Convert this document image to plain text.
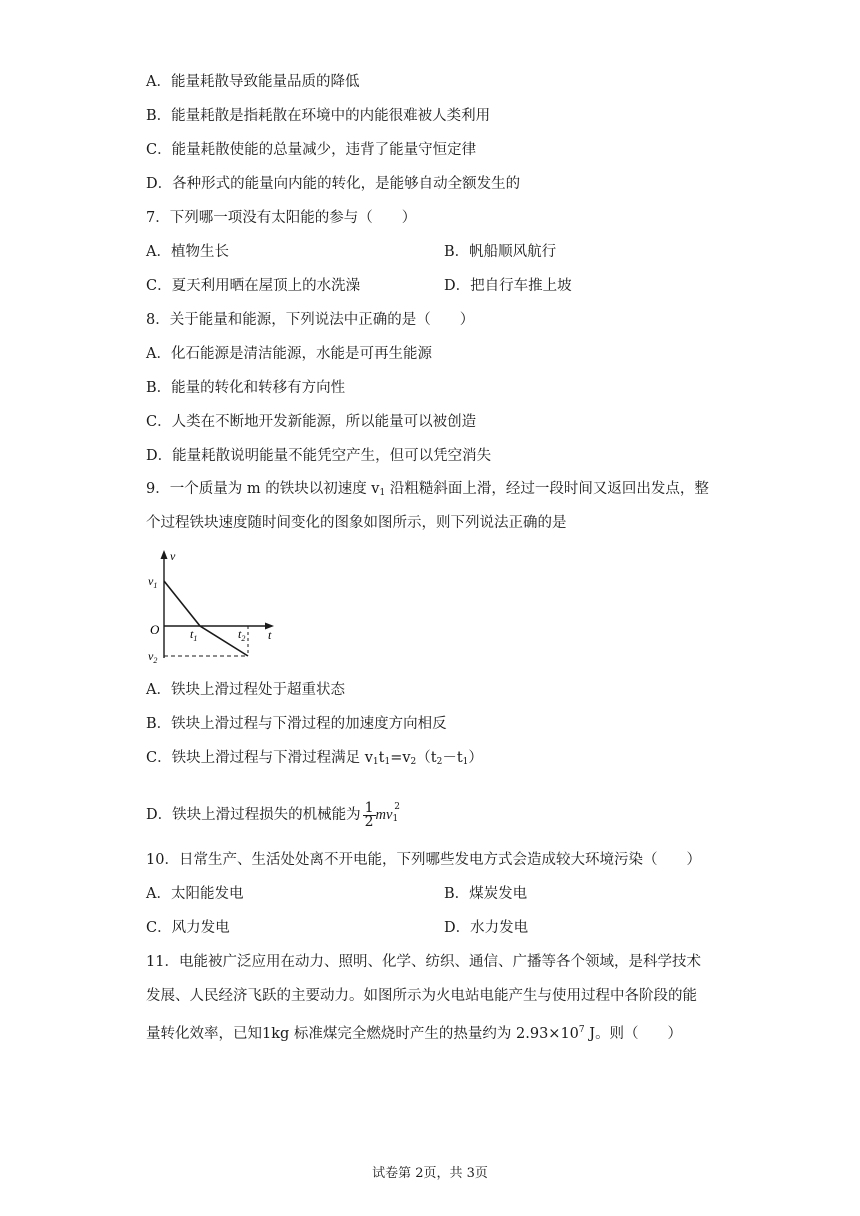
A．能量耗散导致能量品质的降低
B．能量耗散是指耗散在环境中的内能很难被人类利用
C．能量耗散使能的总量减少，违背了能量守恒定律
D．各种形式的能量向内能的转化，是能够自动全额发生的
7．下列哪一项没有太阳能的参与（　　）
A．植物生长	B．帆船顺风航行
C．夏天利用晒在屋顶上的水洗澡	D．把自行车推上坡
8．关于能量和能源，下列说法中正确的是（　　）
A．化石能源是清洁能源，水能是可再生能源
B．能量的转化和转移有方向性
C．人类在不断地开发新能源，所以能量可以被创造
D．能量耗散说明能量不能凭空产生，但可以凭空消失
9．一个质量为 m 的铁块以初速度 $v_1$ 沿粗糙斜面上滑，经过一段时间又返回出发点，整
个过程铁块速度随时间变化的图象如图所示，则下列说法正确的是
v
$v_1$
O	$t_1$	$t_2$ t
$v_2$
A．铁块上滑过程处于超重状态
B．铁块上滑过程与下滑过程的加速度方向相反
C．铁块上滑过程与下滑过程满足 $v_1t_1=v_2(t_2-t_1)$
D．铁块上滑过程损失的机械能为 $\frac{1}{2} mv_1^2$
10．日常生产、生活处处离不开电能，下列哪些发电方式会造成较大环境污染（　　）
A．太阳能发电	B．煤炭发电
C．风力发电	D．水力发电
11．电能被广泛应用在动力、照明、化学、纺织、通信、广播等各个领域，是科学技术
发展、人民经济飞跃的主要动力。如图所示为火电站电能产生与使用过程中各阶段的能
量转化效率，已知1kg 标准煤完全燃烧时产生的热量约为 $2.93\times 10^7$ J。则（　　）
试卷第 2页，共 3页
